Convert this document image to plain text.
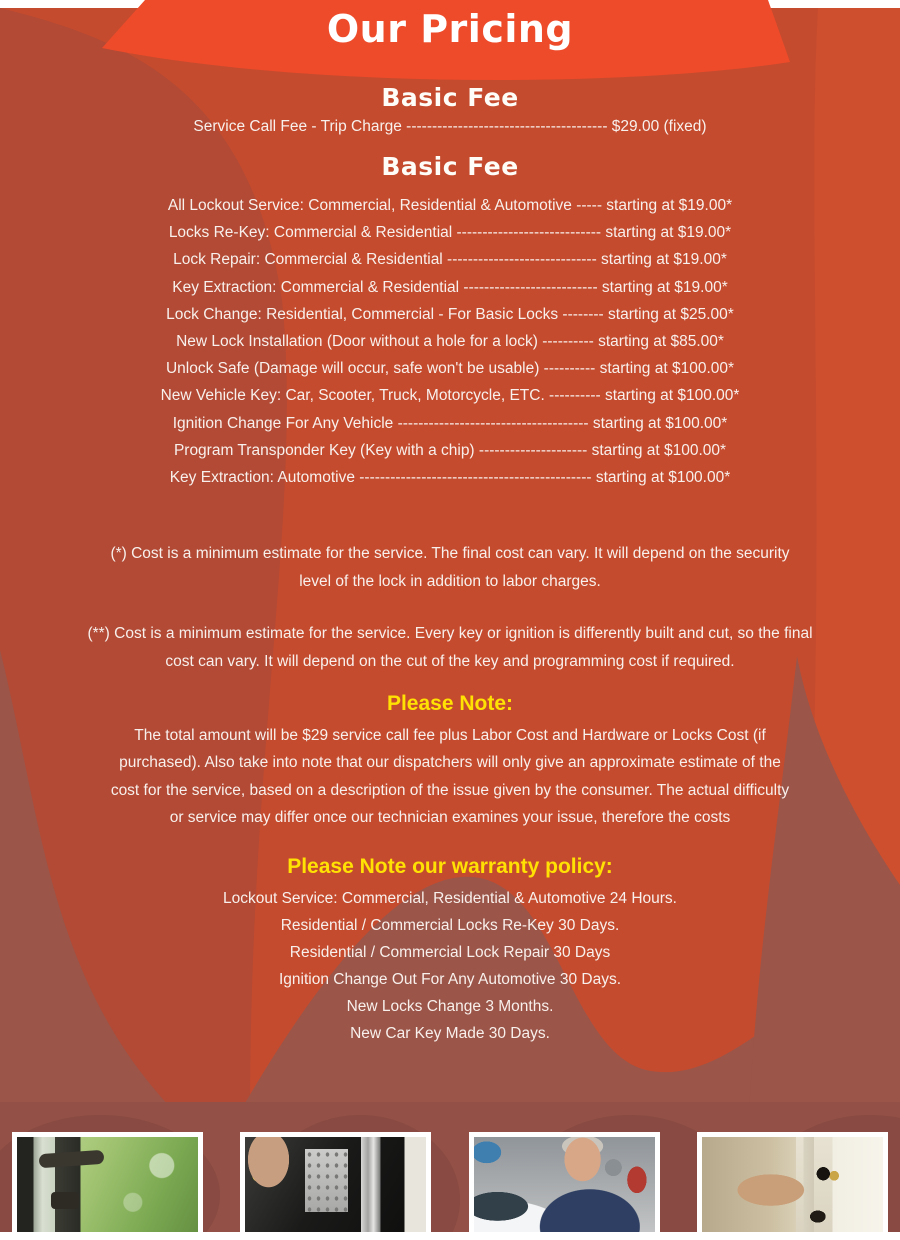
Our Pricing
Basic Fee
Service Call Fee - Trip Charge --------------------------------------- $29.00 (fixed)
Basic Fee
All Lockout Service: Commercial, Residential & Automotive ----- starting at $19.00*
Locks Re-Key: Commercial & Residential ---------------------------- starting at $19.00*
Lock Repair: Commercial & Residential ----------------------------- starting at $19.00*
Key Extraction: Commercial & Residential -------------------------- starting at $19.00*
Lock Change: Residential, Commercial - For Basic Locks -------- starting at $25.00*
New Lock Installation (Door without a hole for a lock) ---------- starting at $85.00*
Unlock Safe (Damage will occur, safe won't be usable) ---------- starting at $100.00*
New Vehicle Key: Car, Scooter, Truck, Motorcycle, ETC. ---------- starting at $100.00*
Ignition Change For Any Vehicle ------------------------------------- starting at $100.00*
Program Transponder Key (Key with a chip) --------------------- starting at $100.00*
Key Extraction: Automotive --------------------------------------------- starting at $100.00*
(*) Cost is a minimum estimate for the service. The final cost can vary. It will depend on the security level of the lock in addition to labor charges.
(**) Cost is a minimum estimate for the service. Every key or ignition is differently built and cut, so the final cost can vary. It will depend on the cut of the key and programming cost if required.
Please Note:
The total amount will be $29 service call fee plus Labor Cost and Hardware or Locks Cost (if purchased). Also take into note that our dispatchers will only give an approximate estimate of the cost for the service, based on a description of the issue given by the consumer. The actual difficulty or service may differ once our technician examines your issue, therefore the costs
Please Note our warranty policy:
Lockout Service: Commercial, Residential & Automotive 24 Hours.
Residential / Commercial Locks Re-Key 30 Days.
Residential / Commercial Lock Repair 30 Days
Ignition Change Out For Any Automotive 30 Days.
New Locks Change 3 Months.
New Car Key Made 30 Days.
